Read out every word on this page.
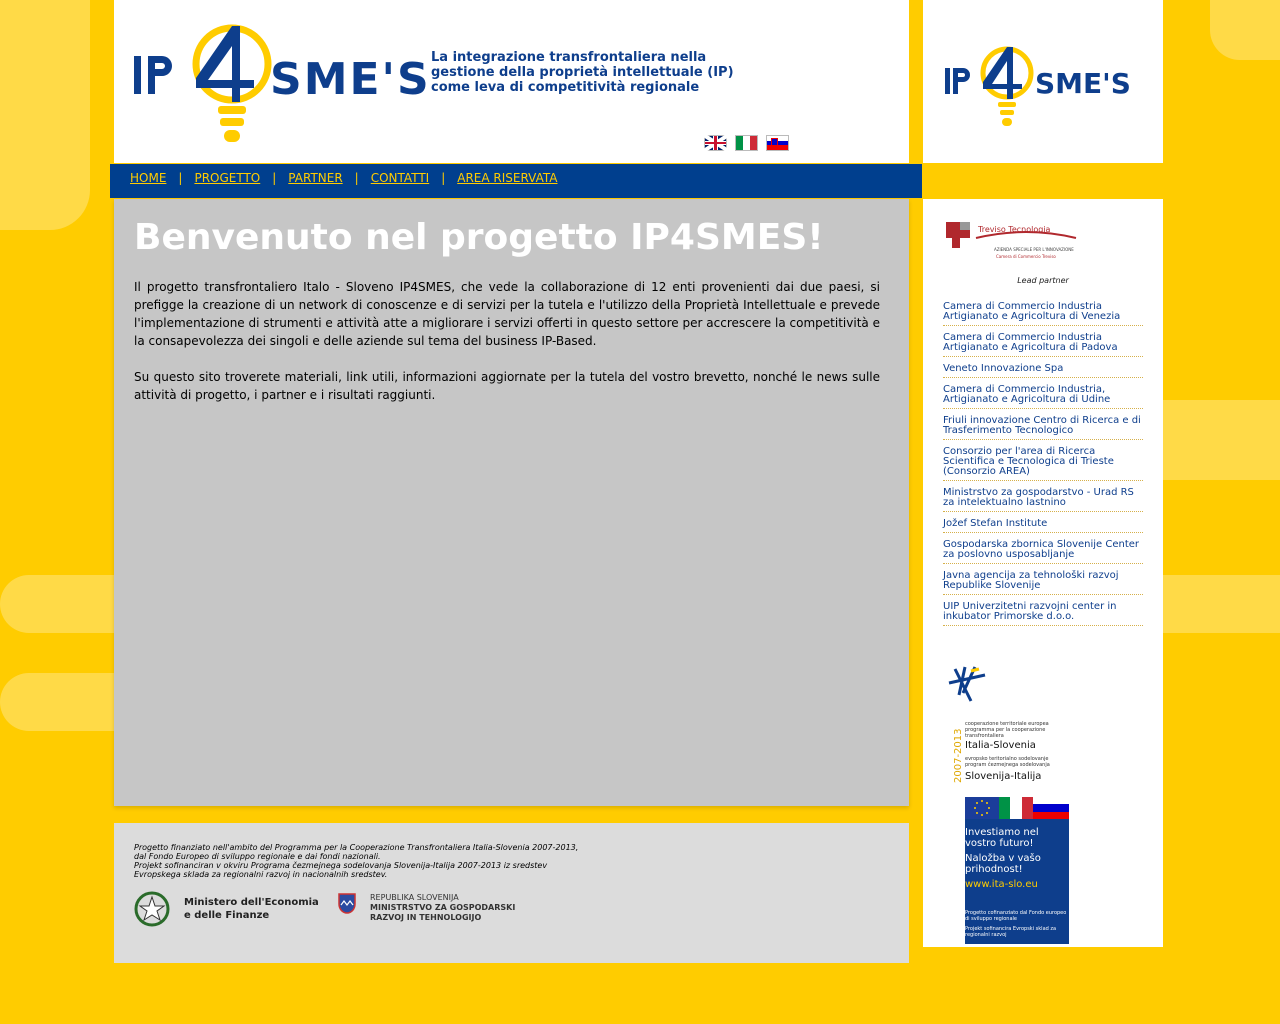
SME'S La integrazione transfrontaliera nella
gestione della proprietà intellettuale (IP)
come leva di competitività regionale
HOME | PROGETTO | PARTNER | CONTATTI | AREA RISERVATA
Benvenuto nel progetto IP4SMES!

Il progetto transfrontaliero Italo - Sloveno IP4SMES, che vede la collaborazione di 12 enti provenienti dai due paesi, si prefigge la creazione di un network di conoscenze e di servizi per la tutela e l'utilizzo della Proprietà Intellettuale e prevede l'implementazione di strumenti e attività atte a migliorare i servizi offerti in questo settore per accrescere la competitività e la consapevolezza dei singoli e delle aziende sul tema del business IP-Based.

Su questo sito troverete materiali, link utili, informazioni aggiornate per la tutela del vostro brevetto, nonché le news sulle attività di progetto, i partner e i risultati raggiunti.

Progetto finanziato nell'ambito del Programma per la Cooperazione Transfrontaliera Italia-Slovenia 2007-2013,
dal Fondo Europeo di sviluppo regionale e dai fondi nazionali.
Projekt sofinanciran v okviru Programa čezmejnega sodelovanja Slovenija-Italija 2007-2013 iz sredstev
Evropskega sklada za regionalni razvoj in nacionalnih sredstev.
Ministero dell'Economia
e delle Finanze
REPUBLIKA SLOVENIJA
MINISTRSTVO ZA GOSPODARSKI
RAZVOJ IN TEHNOLOGIJO
SME'S
Treviso Tecnologia
AZIENDA SPECIALE PER L'INNOVAZIONE
Camera di Commercio Treviso
Lead partner
Camera di Commercio Industria Artigianato e Agricoltura di Venezia
Camera di Commercio Industria Artigianato e Agricoltura di Padova
Veneto Innovazione Spa
Camera di Commercio Industria, Artigianato e Agricoltura di Udine
Friuli innovazione Centro di Ricerca e di Trasferimento Tecnologico
Consorzio per l'area di Ricerca Scientifica e Tecnologica di Trieste (Consorzio AREA)
Ministrstvo za gospodarstvo - Urad RS za intelektualno lastnino
Jožef Stefan Institute
Gospodarska zbornica Slovenije Center za poslovno usposabljanje
Javna agencija za tehnološki razvoj Republike Slovenije
UIP Univerzitetni razvojni center in inkubator Primorske d.o.o.
2007-2013
cooperazione territoriale europea
programma per la cooperazione
transfrontaliera
Italia-Slovenia
evropsko teritorialno sodelovanje
program čezmejnega sodelovanja
Slovenija-Italija
Investiamo nel vostro futuro!
Naložba v vašo prihodnost!
www.ita-slo.eu
Progetto cofinanziato dal Fondo europeo di sviluppo regionale
Projekt sofinancira Evropski sklad za regionalni razvoj
